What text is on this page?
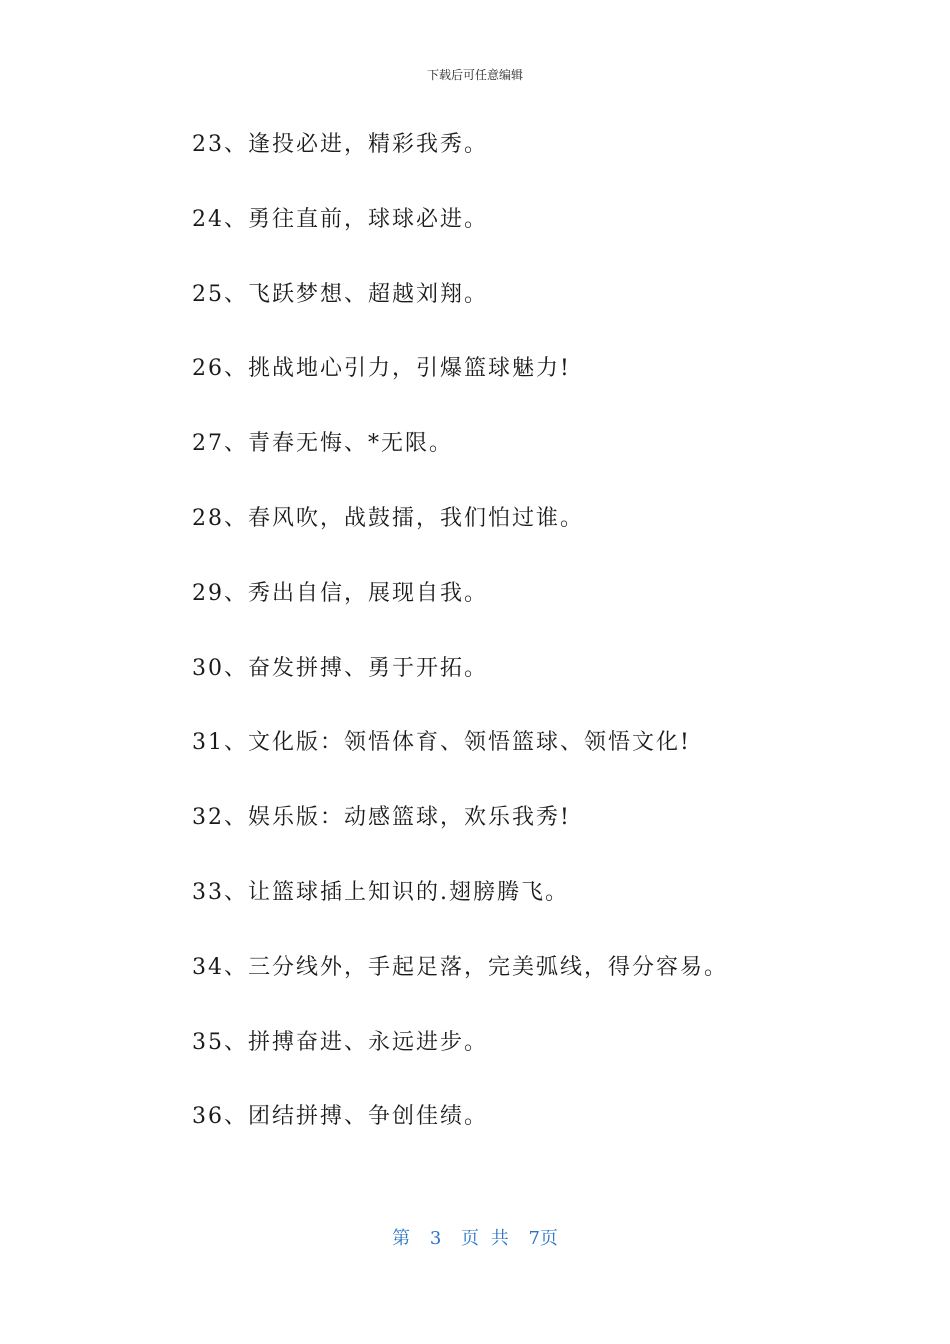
下载后可任意编辑
23、逢投必进，精彩我秀。
24、勇往直前，球球必进。
25、飞跃梦想、超越刘翔。
26、挑战地心引力，引爆篮球魅力!
27、青春无悔、*无限。
28、春风吹，战鼓擂，我们怕过谁。
29、秀出自信，展现自我。
30、奋发拼搏、勇于开拓。
31、文化版：领悟体育、领悟篮球、领悟文化!
32、娱乐版：动感篮球，欢乐我秀!
33、让篮球插上知识的.翅膀腾飞。
34、三分线外，手起足落，完美弧线，得分容易。
35、拼搏奋进、永远进步。
36、团结拼搏、争创佳绩。
第 3 页 共 7页
